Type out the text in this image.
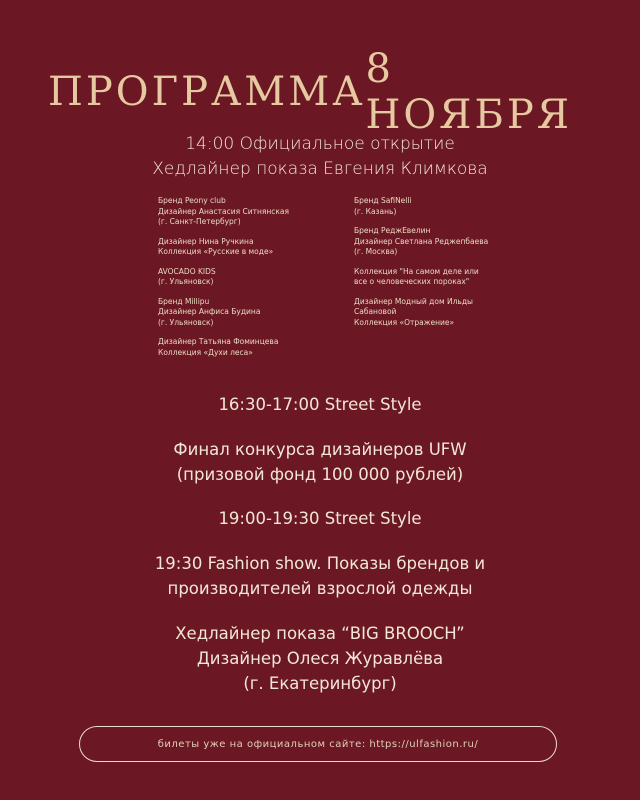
ПРОГРАММА 8 НОЯБРЯ
14:00 Официальное открытие
Хедлайнер показа Евгения Климкова
Бренд Peony club
Дизайнер Анастасия Ситнянская
(г. Санкт-Петербург)
Дизайнер Нина Ручкина
Коллекция «Русские в моде»
AVOCADO KIDS
(г. Ульяновск)
Бренд Millipu
Дизайнер Анфиса Будина
(г. Ульяновск)
Дизайнер Татьяна Фоминцева
Коллекция «Духи леса»
Бренд SafiNelli
(г. Казань)
Бренд РеджЕвелин
Дизайнер Светлана Реджепбаева
(г. Москва)
Коллекция "На самом деле или
все о человеческих пороках"
Дизайнер Модный дом Ильды
Сабановой
Коллекция «Отражение»
16:30-17:00 Street Style
Финал конкурса дизайнеров UFW
(призовой фонд 100 000 рублей)
19:00-19:30 Street Style
19:30 Fashion show. Показы брендов и
производителей взрослой одежды
Хедлайнер показа “BIG BROOCH”
Дизайнер Олеся Журавлёва
(г. Екатеринбург)
билеты уже на официальном сайте: https://ulfashion.ru/
